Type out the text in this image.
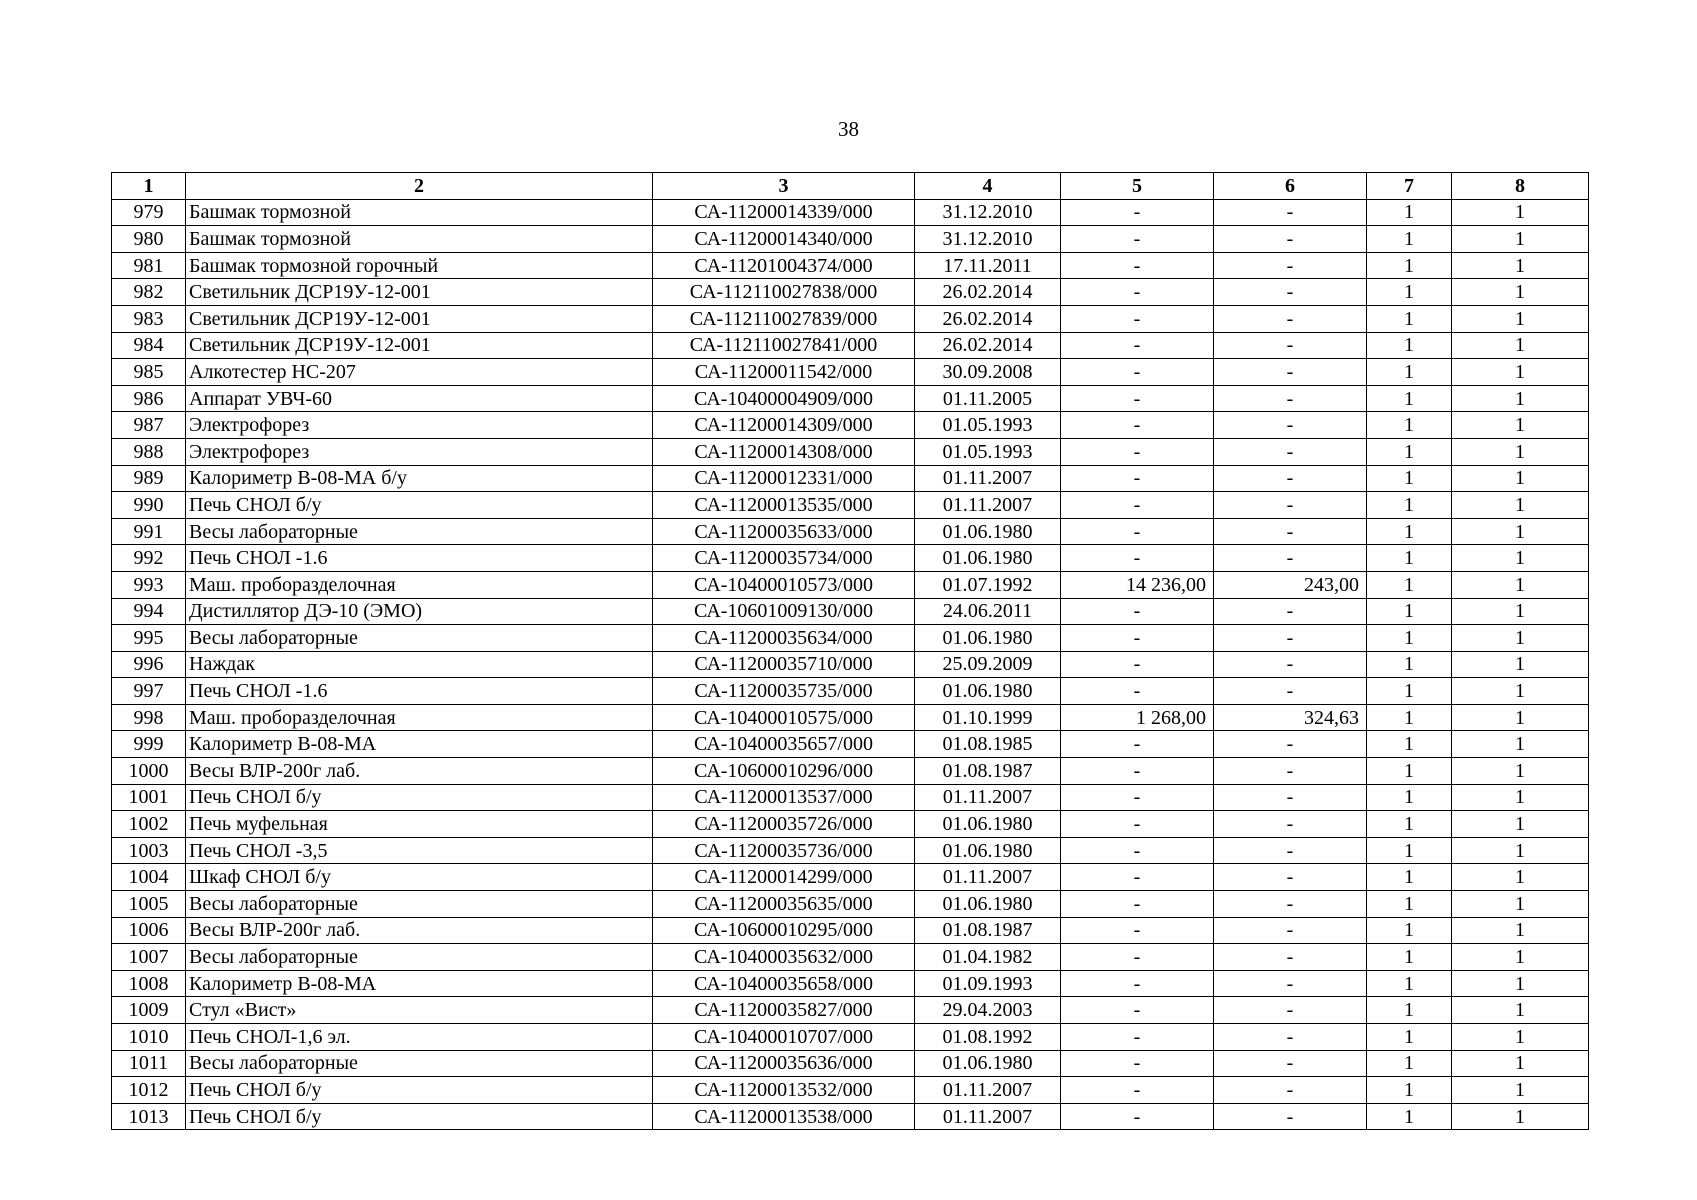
38
1	2	3	4	5	6	7	8
979	Башмак тормозной	СА-11200014339/000	31.12.2010	-	-	1	1
980	Башмак тормозной	СА-11200014340/000	31.12.2010	-	-	1	1
981	Башмак тормозной горочный	СА-11201004374/000	17.11.2011	-	-	1	1
982	Светильник ДСР19У-12-001	СА-112110027838/000	26.02.2014	-	-	1	1
983	Светильник ДСР19У-12-001	СА-112110027839/000	26.02.2014	-	-	1	1
984	Светильник ДСР19У-12-001	СА-112110027841/000	26.02.2014	-	-	1	1
985	Алкотестер НС-207	СА-11200011542/000	30.09.2008	-	-	1	1
986	Аппарат УВЧ-60	СА-10400004909/000	01.11.2005	-	-	1	1
987	Электрофорез	СА-11200014309/000	01.05.1993	-	-	1	1
988	Электрофорез	СА-11200014308/000	01.05.1993	-	-	1	1
989	Калориметр В-08-МА б/у	СА-11200012331/000	01.11.2007	-	-	1	1
990	Печь СНОЛ б/у	СА-11200013535/000	01.11.2007	-	-	1	1
991	Весы лабораторные	СА-11200035633/000	01.06.1980	-	-	1	1
992	Печь СНОЛ -1.6	СА-11200035734/000	01.06.1980	-	-	1	1
993	Маш. проборазделочная	СА-10400010573/000	01.07.1992	14 236,00	243,00	1	1
994	Дистиллятор ДЭ-10 (ЭМО)	СА-10601009130/000	24.06.2011	-	-	1	1
995	Весы лабораторные	СА-11200035634/000	01.06.1980	-	-	1	1
996	Наждак	СА-11200035710/000	25.09.2009	-	-	1	1
997	Печь СНОЛ -1.6	СА-11200035735/000	01.06.1980	-	-	1	1
998	Маш. проборазделочная	СА-10400010575/000	01.10.1999	1 268,00	324,63	1	1
999	Калориметр В-08-МА	СА-10400035657/000	01.08.1985	-	-	1	1
1000	Весы ВЛР-200г лаб.	СА-10600010296/000	01.08.1987	-	-	1	1
1001	Печь СНОЛ б/у	СА-11200013537/000	01.11.2007	-	-	1	1
1002	Печь муфельная	СА-11200035726/000	01.06.1980	-	-	1	1
1003	Печь СНОЛ -3,5	СА-11200035736/000	01.06.1980	-	-	1	1
1004	Шкаф СНОЛ б/у	СА-11200014299/000	01.11.2007	-	-	1	1
1005	Весы лабораторные	СА-11200035635/000	01.06.1980	-	-	1	1
1006	Весы ВЛР-200г лаб.	СА-10600010295/000	01.08.1987	-	-	1	1
1007	Весы лабораторные	СА-10400035632/000	01.04.1982	-	-	1	1
1008	Калориметр В-08-МА	СА-10400035658/000	01.09.1993	-	-	1	1
1009	Стул «Вист»	СА-11200035827/000	29.04.2003	-	-	1	1
1010	Печь СНОЛ-1,6 эл.	СА-10400010707/000	01.08.1992	-	-	1	1
1011	Весы лабораторные	СА-11200035636/000	01.06.1980	-	-	1	1
1012	Печь СНОЛ б/у	СА-11200013532/000	01.11.2007	-	-	1	1
1013	Печь СНОЛ б/у	СА-11200013538/000	01.11.2007	-	-	1	1
